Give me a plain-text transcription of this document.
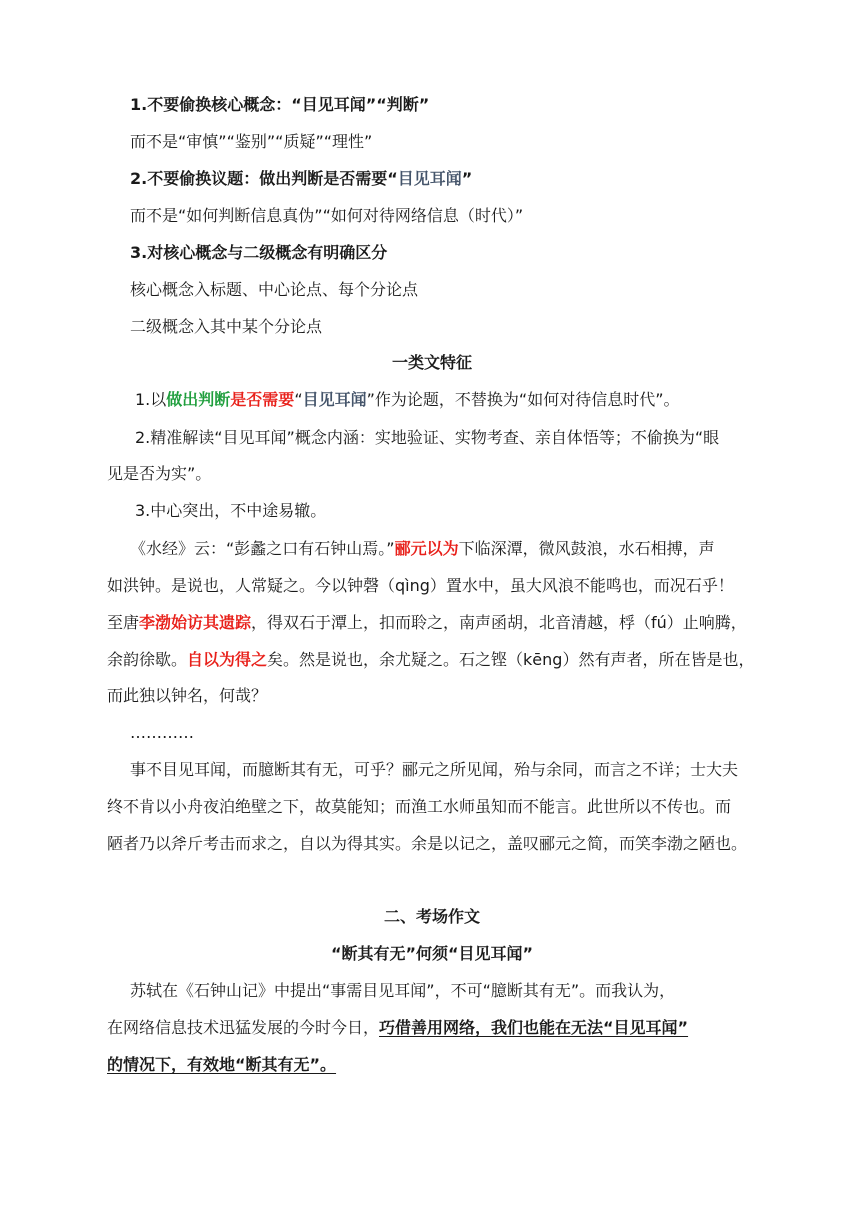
1.不要偷换核心概念：“目见耳闻”“判断”
而不是“审慎”“鉴别”“质疑”“理性”
2.不要偷换议题：做出判断是否需要“目见耳闻”
而不是“如何判断信息真伪”“如何对待网络信息（时代）”
3.对核心概念与二级概念有明确区分
核心概念入标题、中心论点、每个分论点
二级概念入其中某个分论点
一类文特征
1.以做出判断是否需要“目见耳闻”作为论题，不替换为“如何对待信息时代”。
2.精准解读“目见耳闻”概念内涵：实地验证、实物考查、亲自体悟等；不偷换为“眼
见是否为实”。
3.中心突出，不中途易辙。
《水经》云：“彭蠡之口有石钟山焉。”郦元以为下临深潭，微风鼓浪，水石相搏，声
如洪钟。是说也，人常疑之。今以钟磬（qìng）置水中，虽大风浪不能鸣也，而况石乎！
至唐李渤始访其遗踪，得双石于潭上，扣而聆之，南声函胡，北音清越，桴（fú）止响腾，
余韵徐歇。自以为得之矣。然是说也，余尤疑之。石之铿（kēng）然有声者，所在皆是也，
而此独以钟名，何哉？
…………
事不目见耳闻，而臆断其有无，可乎？郦元之所见闻，殆与余同，而言之不详；士大夫
终不肯以小舟夜泊绝壁之下，故莫能知；而渔工水师虽知而不能言。此世所以不传也。而
陋者乃以斧斤考击而求之，自以为得其实。余是以记之，盖叹郦元之简，而笑李渤之陋也。
二、考场作文
“断其有无”何须“目见耳闻”
苏轼在《石钟山记》中提出“事需目见耳闻”，不可“臆断其有无”。而我认为，
在网络信息技术迅猛发展的今时今日，巧借善用网络，我们也能在无法“目见耳闻”
的情况下，有效地“断其有无”。
